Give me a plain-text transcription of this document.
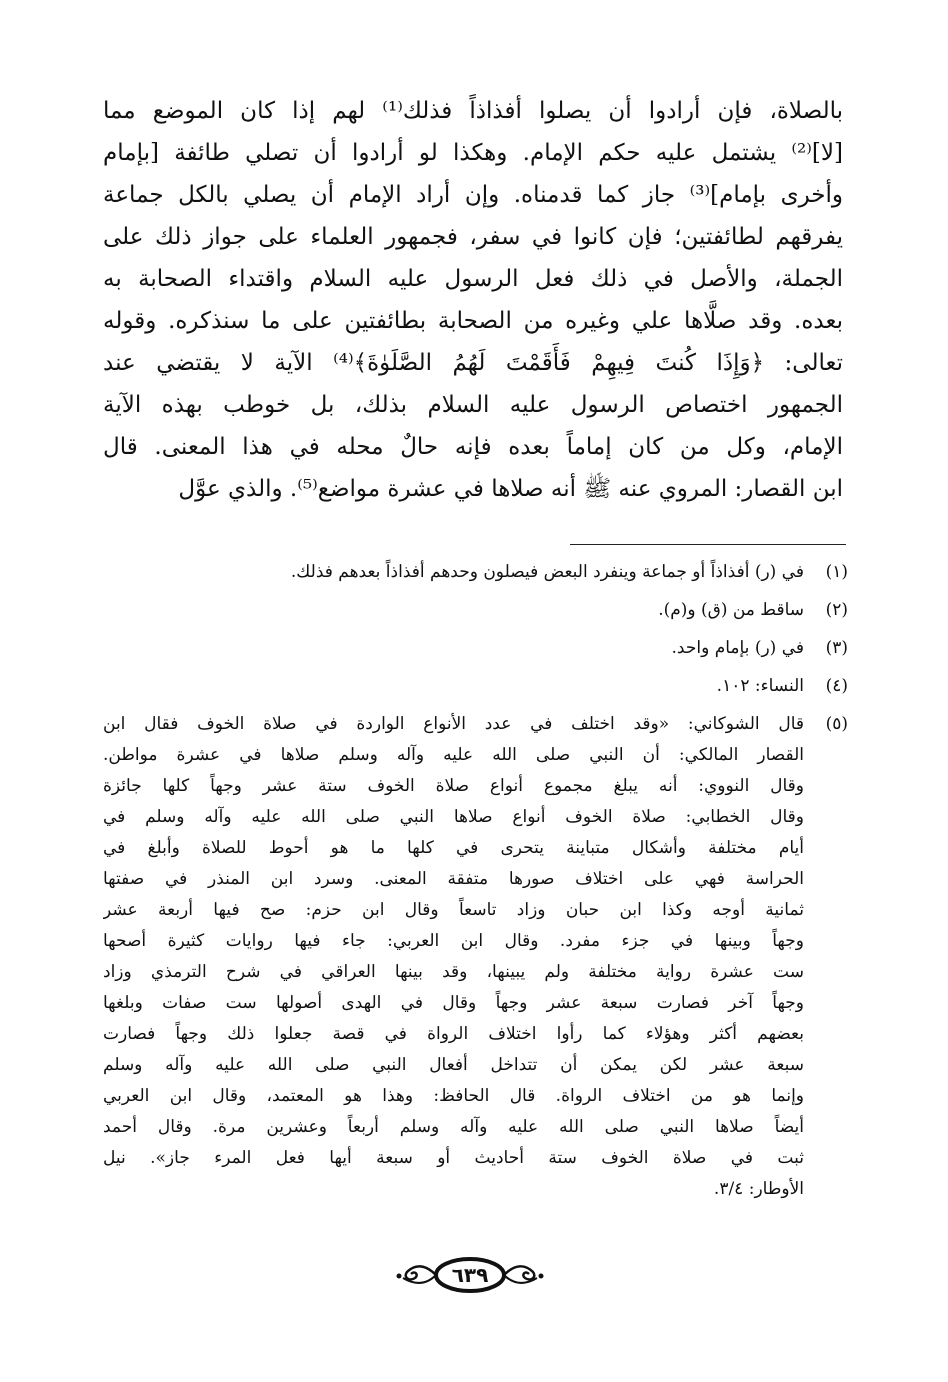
بالصلاة، فإن أرادوا أن يصلوا أفذاذاً فذلك⁽¹⁾ لهم إذا كان الموضع مما
[لا]⁽²⁾ يشتمل عليه حكم الإمام. وهكذا لو أرادوا أن تصلي طائفة [بإمام
وأخرى بإمام]⁽³⁾ جاز كما قدمناه. وإن أراد الإمام أن يصلي بالكل جماعة
يفرقهم لطائفتين؛ فإن كانوا في سفر، فجمهور العلماء على جواز ذلك على
الجملة، والأصل في ذلك فعل الرسول عليه السلام واقتداء الصحابة به
بعده. وقد صلَّاها علي وغيره من الصحابة بطائفتين على ما سنذكره. وقوله
تعالى: ﴿وَإِذَا كُنتَ فِيهِمْ فَأَقَمْتَ لَهُمُ الصَّلَوٰةَ﴾⁽⁴⁾ الآية لا يقتضي عند
الجمهور اختصاص الرسول عليه السلام بذلك، بل خوطب بهذه الآية
الإمام، وكل من كان إماماً بعده فإنه حالٌ محله في هذا المعنى. قال
ابن القصار: المروي عنه ﷺ أنه صلاها في عشرة مواضع⁽⁵⁾. والذي عوَّل
(١)
في (ر) أفذاذاً أو جماعة وينفرد البعض فيصلون وحدهم أفذاذاً بعدهم فذلك.
(٢)
ساقط من (ق) و(م).
(٣)
في (ر) بإمام واحد.
(٤)
النساء: ١٠٢.
(٥)
قال الشوكاني: «وقد اختلف في عدد الأنواع الواردة في صلاة الخوف فقال ابن
القصار المالكي: أن النبي صلى الله عليه وآله وسلم صلاها في عشرة مواطن.
وقال النووي: أنه يبلغ مجموع أنواع صلاة الخوف ستة عشر وجهاً كلها جائزة
وقال الخطابي: صلاة الخوف أنواع صلاها النبي صلى الله عليه وآله وسلم في
أيام مختلفة وأشكال متباينة يتحرى في كلها ما هو أحوط للصلاة وأبلغ في
الحراسة فهي على اختلاف صورها متفقة المعنى. وسرد ابن المنذر في صفتها
ثمانية أوجه وكذا ابن حبان وزاد تاسعاً وقال ابن حزم: صح فيها أربعة عشر
وجهاً وبينها في جزء مفرد. وقال ابن العربي: جاء فيها روايات كثيرة أصحها
ست عشرة رواية مختلفة ولم يبينها، وقد بينها العراقي في شرح الترمذي وزاد
وجهاً آخر فصارت سبعة عشر وجهاً وقال في الهدى أصولها ست صفات وبلغها
بعضهم أكثر وهؤلاء كما رأوا اختلاف الرواة في قصة جعلوا ذلك وجهاً فصارت
سبعة عشر لكن يمكن أن تتداخل أفعال النبي صلى الله عليه وآله وسلم
وإنما هو من اختلاف الرواة. قال الحافظ: وهذا هو المعتمد، وقال ابن العربي
أيضاً صلاها النبي صلى الله عليه وآله وسلم أربعاً وعشرين مرة. وقال أحمد
ثبت في صلاة الخوف ستة أحاديث أو سبعة أيها فعل المرء جاز». نيل
الأوطار: ٣/٤.
٦٣٩
